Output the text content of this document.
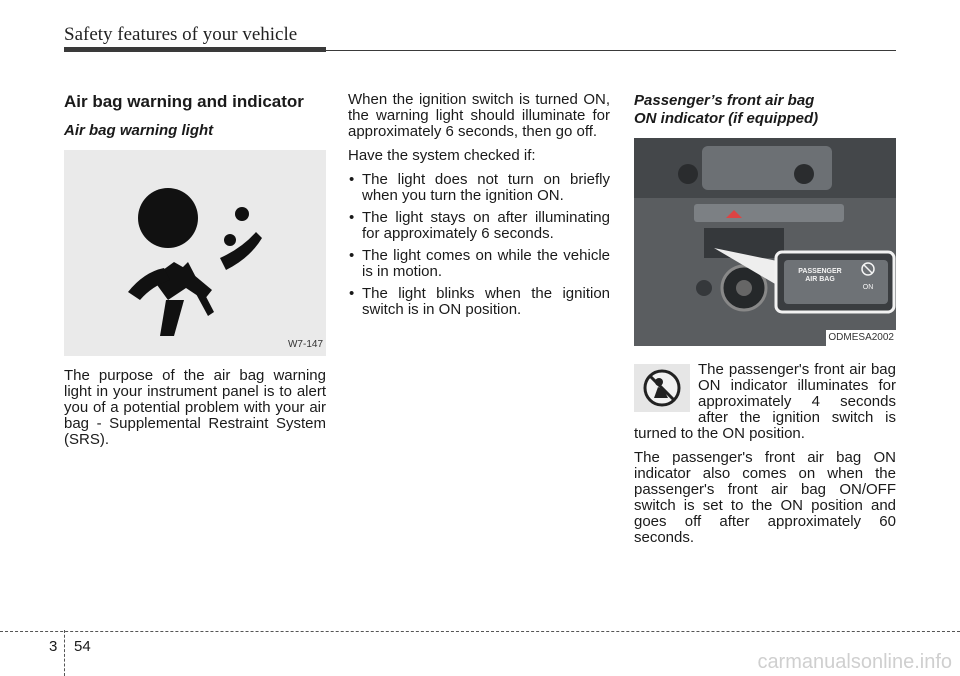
Safety features of your vehicle
Air bag warning and indicator
Air bag warning light
W7-147
The purpose of the air bag warning light in your instrument panel is to alert you of a potential problem with your air bag - Supplemental Restraint System (SRS).
When the ignition switch is turned ON, the warning light should illuminate for approximately 6 seconds, then go off.
Have the system checked if:
• The light does not turn on briefly when you turn the ignition ON.
• The light stays on after illuminating for approximately 6 seconds.
• The light comes on while the vehicle is in motion.
• The light blinks when the ignition switch is in ON position.
Passenger’s front air bag
ON indicator (if equipped)
PASSENGER
AIR BAG
ON
ODMESA2002
The passenger's front air bag ON indicator illuminates for approximately 4 seconds after the ignition switch is turned to the ON position.
The passenger's front air bag ON indicator also comes on when the passenger's front air bag ON/OFF switch is set to the ON position and goes off after approximately 60 seconds.
3 54
carmanualsonline.info
